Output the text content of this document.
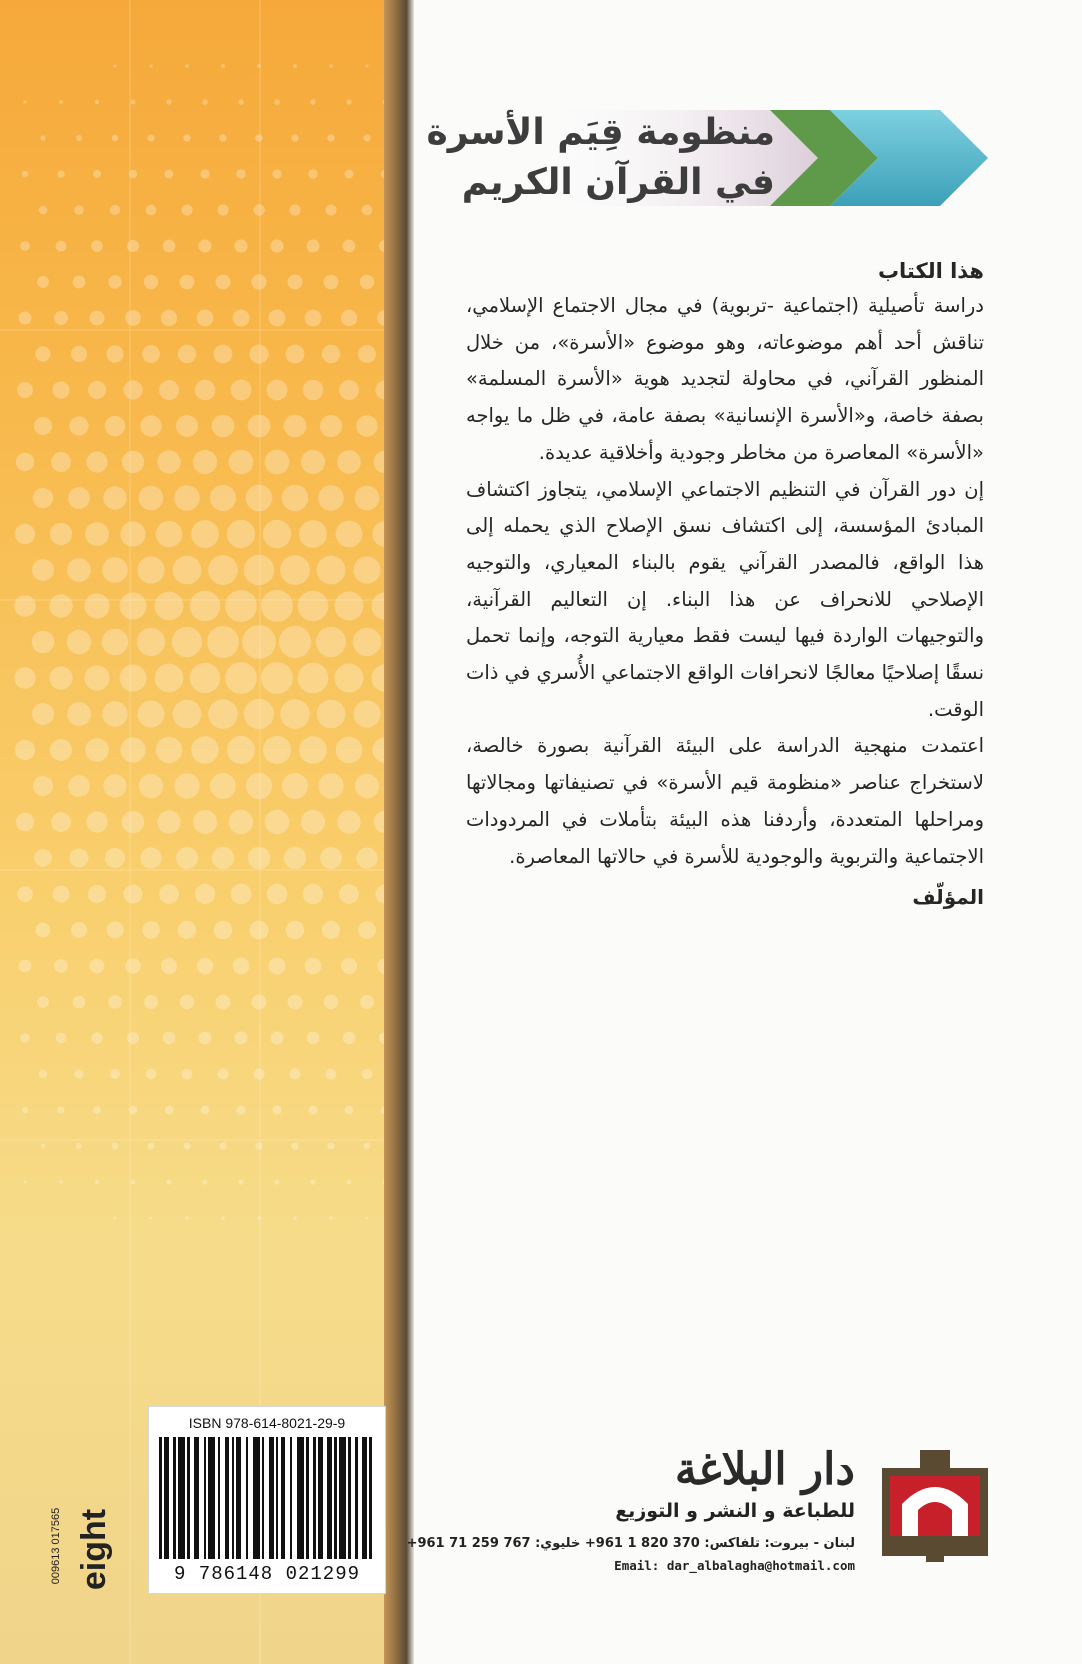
منظومة قِيَم الأسرة
في القرآن الكريم
هذا الكتاب

دراسة تأصيلية (اجتماعية -تربوية) في مجال الاجتماع الإسلامي، تناقش أحد أهم موضوعاته، وهو موضوع «الأسرة»، من خلال المنظور القرآني، في محاولة لتجديد هوية «الأسرة المسلمة» بصفة خاصة، و«الأسرة الإنسانية» بصفة عامة، في ظل ما يواجه «الأسرة» المعاصرة من مخاطر وجودية وأخلاقية عديدة.

إن دور القرآن في التنظيم الاجتماعي الإسلامي، يتجاوز اكتشاف المبادئ المؤسسة، إلى اكتشاف نسق الإصلاح الذي يحمله إلى هذا الواقع، فالمصدر القرآني يقوم بالبناء المعياري، والتوجيه الإصلاحي للانحراف عن هذا البناء. إن التعاليم القرآنية، والتوجيهات الواردة فيها ليست فقط معيارية التوجه، وإنما تحمل نسقًا إصلاحيًا معالجًا لانحرافات الواقع الاجتماعي الأُسري في ذات الوقت.

اعتمدت منهجية الدراسة على البيئة القرآنية بصورة خالصة، لاستخراج عناصر «منظومة قيم الأسرة» في تصنيفاتها ومجالاتها ومراحلها المتعددة، وأردفنا هذه البيئة بتأملات في المردودات الاجتماعية والتربوية والوجودية للأسرة في حالاتها المعاصرة.

المؤلّف
ISBN 978-614-8021-29-9
9 786148 021299
eight
009613 017565
دار البلاغة
للطباعة و النشر و التوزيع
لبنان - بيروت: تلفاكس: 370 820 1 961+ خليوي: 767 259 71 961+
Email: dar_albalagha@hotmail.com
